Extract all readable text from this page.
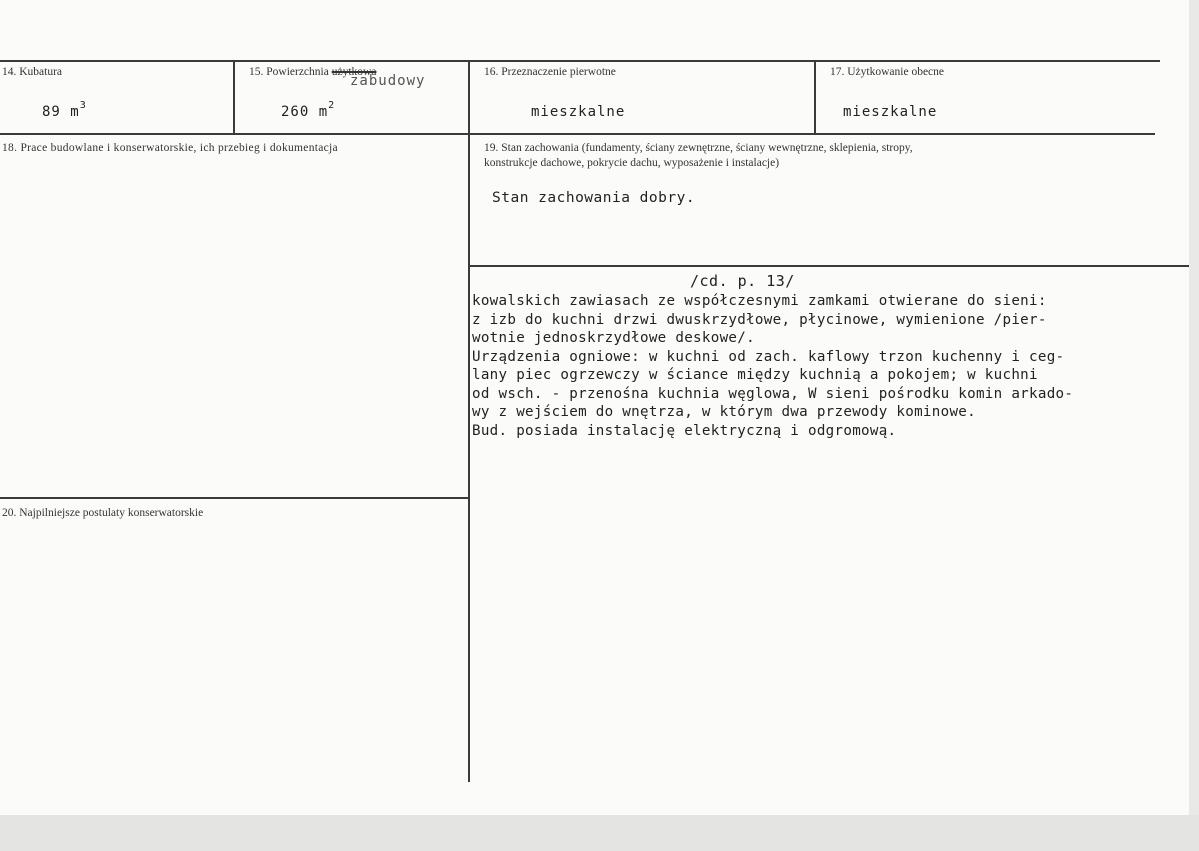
14. Kubatura
89 $m^3$
15. Powierzchnia użytkowa
zabudowy
260 $m^2$
16. Przeznaczenie pierwotne
mieszkalne
17. Użytkowanie obecne
mieszkalne
18. Prace budowlane i konserwatorskie, ich przebieg i dokumentacja	19. Stan zachowania (fundamenty, ściany zewnętrzne, ściany wewnętrzne, sklepienia, stropy,
konstrukcje dachowe, pokrycie dachu, wyposażenie i instalacje)
Stan zachowania dobry.
/cd. p. 13/
kowalskich zawiasach ze współczesnymi zamkami otwierane do sieni:
z izb do kuchni drzwi dwuskrzydłowe, płycinowe, wymienione /pier-
wotnie jednoskrzydłowe deskowe/.
Urządzenia ogniowe: w kuchni od zach. kaflowy trzon kuchenny i ceg-
lany piec ogrzewczy w ściance między kuchnią a pokojem; w kuchni
od wsch. - przenośna kuchnia węglowa, W sieni pośrodku komin arkado-
wy z wejściem do wnętrza, w którym dwa przewody kominowe.
Bud. posiada instalację elektryczną i odgromową.
20. Najpilniejsze postulaty konserwatorskie
